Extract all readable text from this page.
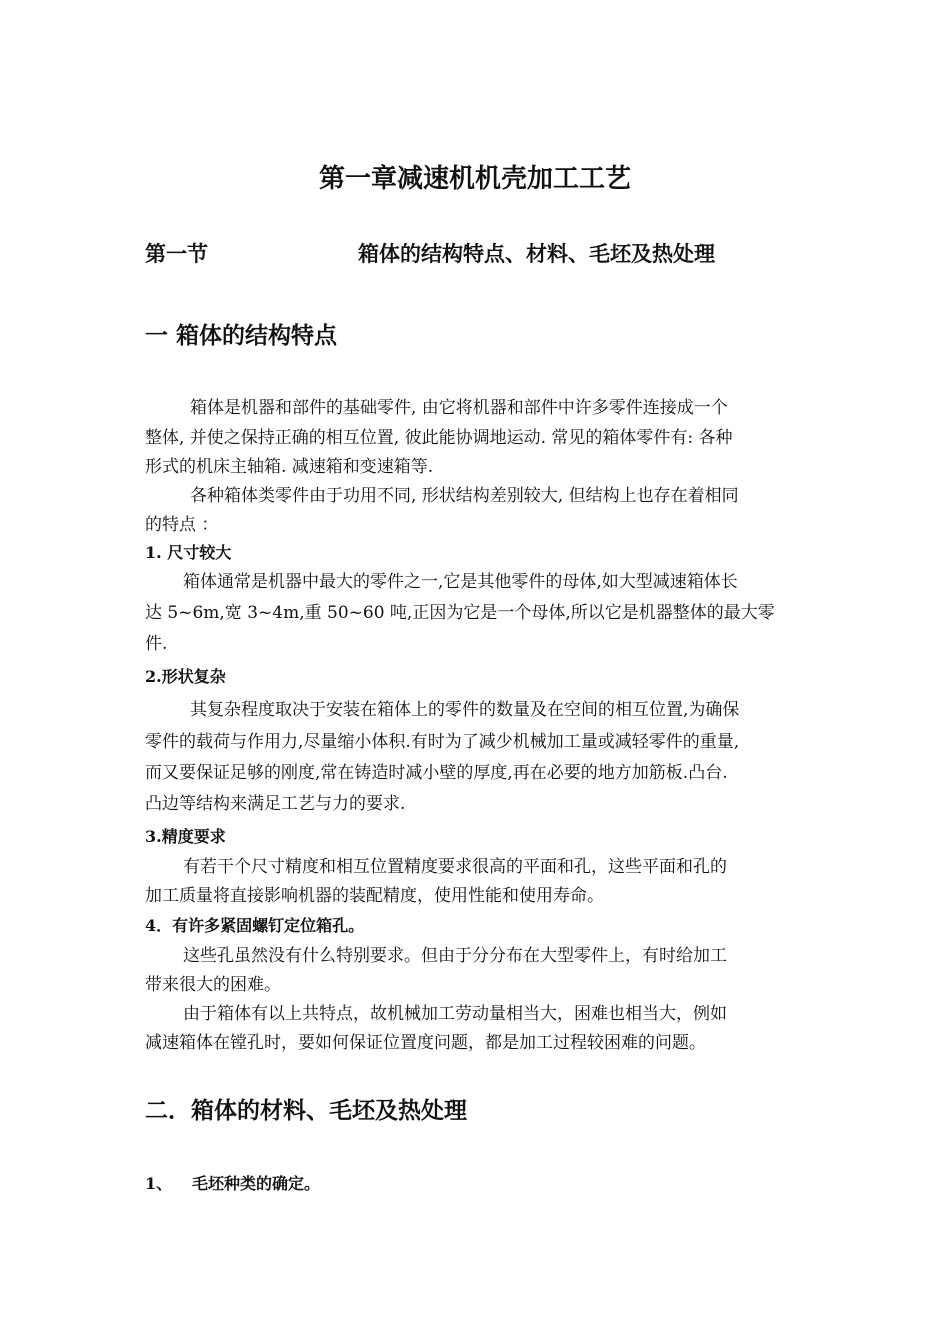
第一章减速机机壳加工工艺
第一节	箱体的结构特点、材料、毛坯及热处理
一 箱体的结构特点

箱体是机器和部件的基础零件, 由它将机器和部件中许多零件连接成一个

整体, 并使之保持正确的相互位置, 彼此能协调地运动. 常见的箱体零件有: 各种

形式的机床主轴箱. 减速箱和变速箱等.

各种箱体类零件由于功用不同, 形状结构差别较大, 但结构上也存在着相同

的特点 ：

1. 尺寸较大

箱体通常是机器中最大的零件之一,它是其他零件的母体,如大型减速箱体长

达 5~6m,宽 3~4m,重 50~60 吨,正因为它是一个母体,所以它是机器整体的最大零

件.

2.形状复杂

其复杂程度取决于安装在箱体上的零件的数量及在空间的相互位置,为确保

零件的载荷与作用力,尽量缩小体积.有时为了减少机械加工量或减轻零件的重量,

而又要保证足够的刚度,常在铸造时减小壁的厚度,再在必要的地方加筋板.凸台.

凸边等结构来满足工艺与力的要求.

3.精度要求

有若干个尺寸精度和相互位置精度要求很高的平面和孔，这些平面和孔的

加工质量将直接影响机器的装配精度，使用性能和使用寿命。

4．有许多紧固螺钉定位箱孔。

这些孔虽然没有什么特别要求。但由于分分布在大型零件上，有时给加工

带来很大的困难。

由于箱体有以上共特点，故机械加工劳动量相当大，困难也相当大，例如

减速箱体在镗孔时，要如何保证位置度问题，都是加工过程较困难的问题。

二．箱体的材料、毛坯及热处理
1、 毛坯种类的确定。
